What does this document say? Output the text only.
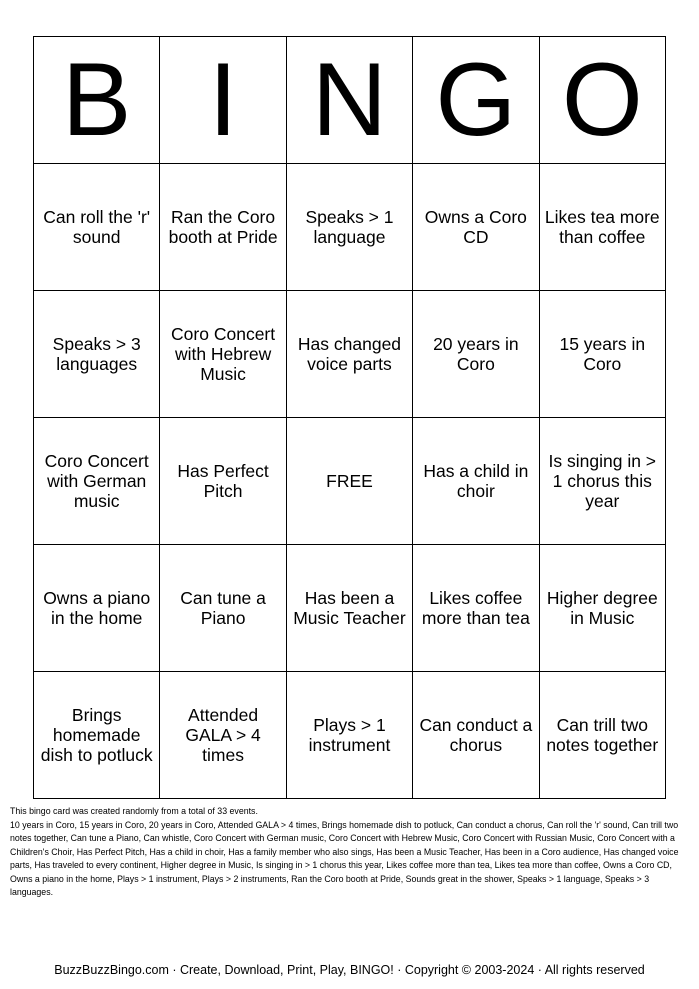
B	I	N	G	O
Can roll the 'r' sound	Ran the Coro booth at Pride	Speaks > 1 language	Owns a Coro CD	Likes tea more than coffee
Speaks > 3 languages	Coro Concert with Hebrew Music	Has changed voice parts	20 years in Coro	15 years in Coro
Coro Concert with German music	Has Perfect Pitch	FREE	Has a child in choir	Is singing in > 1 chorus this year
Owns a piano in the home	Can tune a Piano	Has been a Music Teacher	Likes coffee more than tea	Higher degree in Music
Brings homemade dish to potluck	Attended GALA > 4 times	Plays > 1 instrument	Can conduct a chorus	Can trill two notes together

This bingo card was created randomly from a total of 33 events.

10 years in Coro, 15 years in Coro, 20 years in Coro, Attended GALA > 4 times, Brings homemade dish to potluck, Can conduct a chorus, Can roll the 'r' sound, Can trill two notes together, Can tune a Piano, Can whistle, Coro Concert with German music, Coro Concert with Hebrew Music, Coro Concert with Russian Music, Coro Concert with a Children's Choir, Has Perfect Pitch, Has a child in choir, Has a family member who also sings, Has been a Music Teacher, Has been in a Coro audience, Has changed voice parts, Has traveled to every continent, Higher degree in Music, Is singing in > 1 chorus this year, Likes coffee more than tea, Likes tea more than coffee, Owns a Coro CD, Owns a piano in the home, Plays > 1 instrument, Plays > 2 instruments, Ran the Coro booth at Pride, Sounds great in the shower, Speaks > 1 language, Speaks > 3 languages.

BuzzBuzzBingo.com · Create, Download, Print, Play, BINGO! · Copyright © 2003-2024 · All rights reserved
